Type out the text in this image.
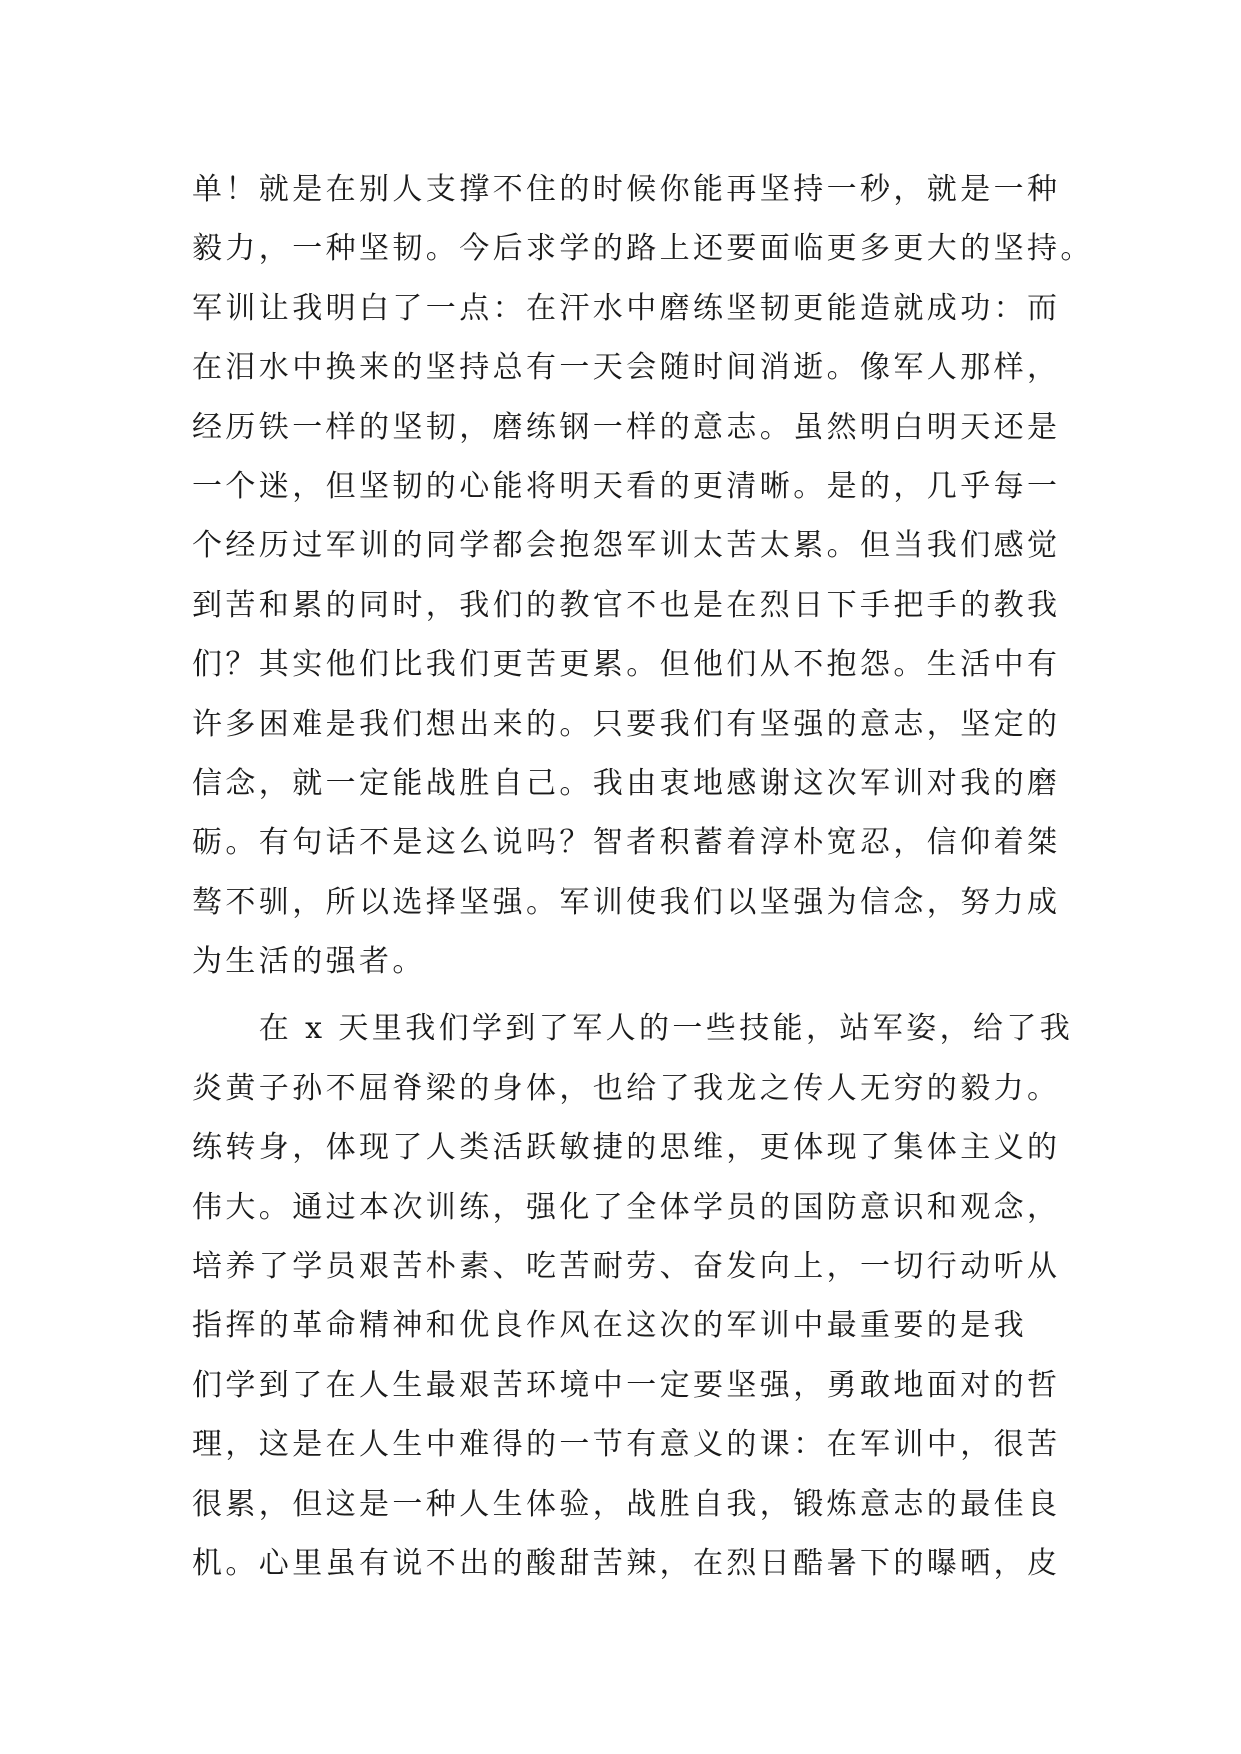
单！就是在别人支撑不住的时候你能再坚持一秒，就是一种

毅力，一种坚韧。今后求学的路上还要面临更多更大的坚持。

军训让我明白了一点：在汗水中磨练坚韧更能造就成功：而

在泪水中换来的坚持总有一天会随时间消逝。像军人那样，

经历铁一样的坚韧，磨练钢一样的意志。虽然明白明天还是

一个迷，但坚韧的心能将明天看的更清晰。是的，几乎每一

个经历过军训的同学都会抱怨军训太苦太累。但当我们感觉

到苦和累的同时，我们的教官不也是在烈日下手把手的教我

们？其实他们比我们更苦更累。但他们从不抱怨。生活中有

许多困难是我们想出来的。只要我们有坚强的意志，坚定的

信念，就一定能战胜自己。我由衷地感谢这次军训对我的磨

砺。有句话不是这么说吗？智者积蓄着淳朴宽忍，信仰着桀

骜不驯，所以选择坚强。军训使我们以坚强为信念，努力成

为生活的强者。

　　在 x 天里我们学到了军人的一些技能，站军姿，给了我

炎黄子孙不屈脊梁的身体，也给了我龙之传人无穷的毅力。

练转身，体现了人类活跃敏捷的思维，更体现了集体主义的

伟大。通过本次训练，强化了全体学员的国防意识和观念，

培养了学员艰苦朴素、吃苦耐劳、奋发向上，一切行动听从

指挥的革命精神和优良作风在这次的军训中最重要的是我

们学到了在人生最艰苦环境中一定要坚强，勇敢地面对的哲

理，这是在人生中难得的一节有意义的课：在军训中，很苦

很累，但这是一种人生体验，战胜自我，锻炼意志的最佳良

机。心里虽有说不出的酸甜苦辣，在烈日酷暑下的曝晒，皮
